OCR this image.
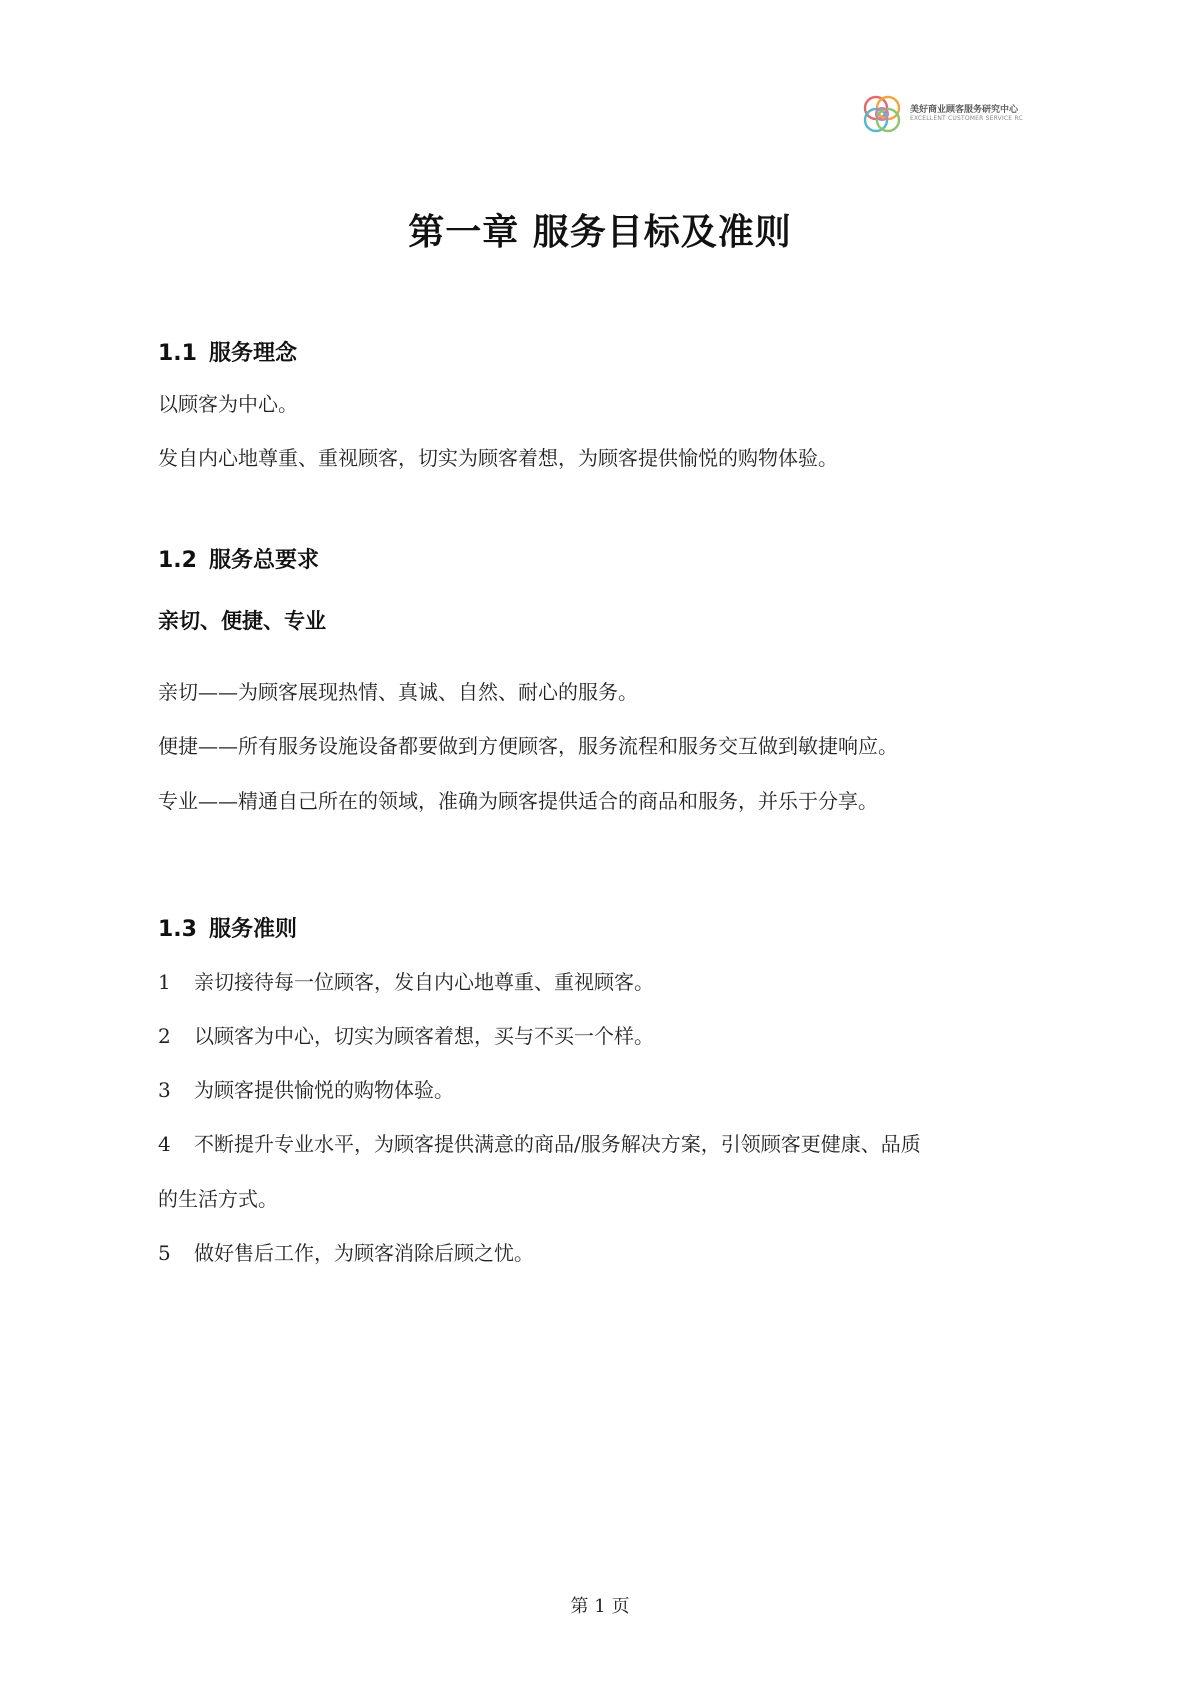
美好商业顾客服务研究中心
EXCELLENT CUSTOMER SERVICE RC
第一章 服务目标及准则
1.1 服务理念
以顾客为中心。
发自内心地尊重、重视顾客，切实为顾客着想，为顾客提供愉悦的购物体验。
1.2 服务总要求
亲切、便捷、专业
亲切——为顾客展现热情、真诚、自然、耐心的服务。
便捷——所有服务设施设备都要做到方便顾客，服务流程和服务交互做到敏捷响应。
专业——精通自己所在的领域，准确为顾客提供适合的商品和服务，并乐于分享。
1.3 服务准则
1 亲切接待每一位顾客，发自内心地尊重、重视顾客。
2 以顾客为中心，切实为顾客着想，买与不买一个样。
3 为顾客提供愉悦的购物体验。
4 不断提升专业水平，为顾客提供满意的商品/服务解决方案，引领顾客更健康、品质
的生活方式。
5 做好售后工作，为顾客消除后顾之忧。
第 1 页
